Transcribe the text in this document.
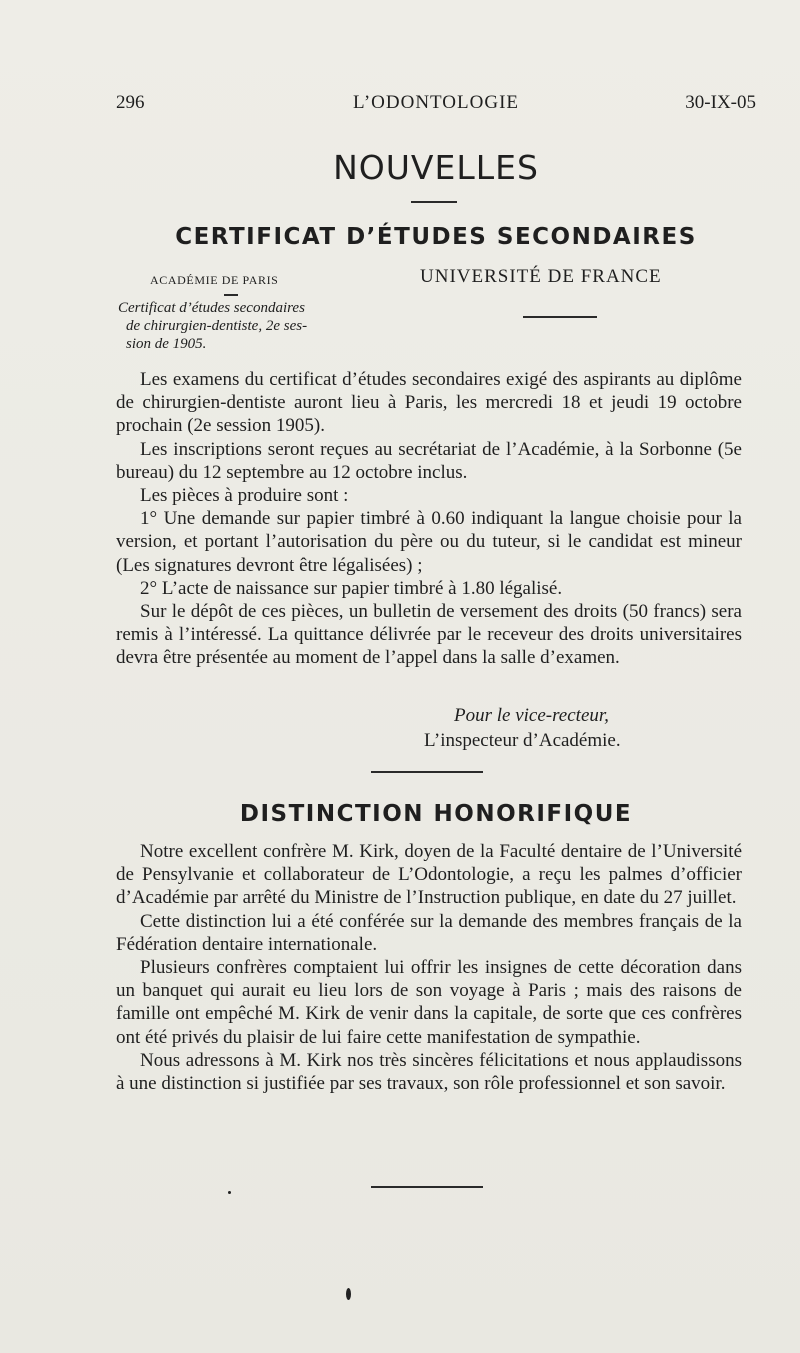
296	L’ODONTOLOGIE	30-IX-05
NOUVELLES
CERTIFICAT D’ÉTUDES SECONDAIRES
ACADÉMIE DE PARIS	UNIVERSITÉ DE FRANCE
Certificat d’études secondaires
de chirurgien-dentiste, 2e ses-
sion de 1905.

Les examens du certificat d’études secondaires exigé des aspirants au diplôme de chirurgien-dentiste auront lieu à Paris, les mercredi 18 et jeudi 19 octobre prochain (2e session 1905).

Les inscriptions seront reçues au secrétariat de l’Académie, à la Sorbonne (5e bureau) du 12 septembre au 12 octobre inclus.

Les pièces à produire sont :

1° Une demande sur papier timbré à 0.60 indiquant la langue choisie pour la version, et portant l’autorisation du père ou du tuteur, si le candidat est mineur (Les signatures devront être légalisées) ;

2° L’acte de naissance sur papier timbré à 1.80 légalisé.

Sur le dépôt de ces pièces, un bulletin de versement des droits (50 francs) sera remis à l’intéressé. La quittance délivrée par le receveur des droits universitaires devra être présentée au moment de l’appel dans la salle d’examen.

Pour le vice-recteur,
L’inspecteur d’Académie.
DISTINCTION HONORIFIQUE

Notre excellent confrère M. Kirk, doyen de la Faculté dentaire de l’Université de Pensylvanie et collaborateur de L’Odontologie, a reçu les palmes d’officier d’Académie par arrêté du Ministre de l’Instruction publique, en date du 27 juillet.

Cette distinction lui a été conférée sur la demande des membres français de la Fédération dentaire internationale.

Plusieurs confrères comptaient lui offrir les insignes de cette décoration dans un banquet qui aurait eu lieu lors de son voyage à Paris ; mais des raisons de famille ont empêché M. Kirk de venir dans la capitale, de sorte que ces confrères ont été privés du plaisir de lui faire cette manifestation de sympathie.

Nous adressons à M. Kirk nos très sincères félicitations et nous applaudissons à une distinction si justifiée par ses travaux, son rôle professionnel et son savoir.
